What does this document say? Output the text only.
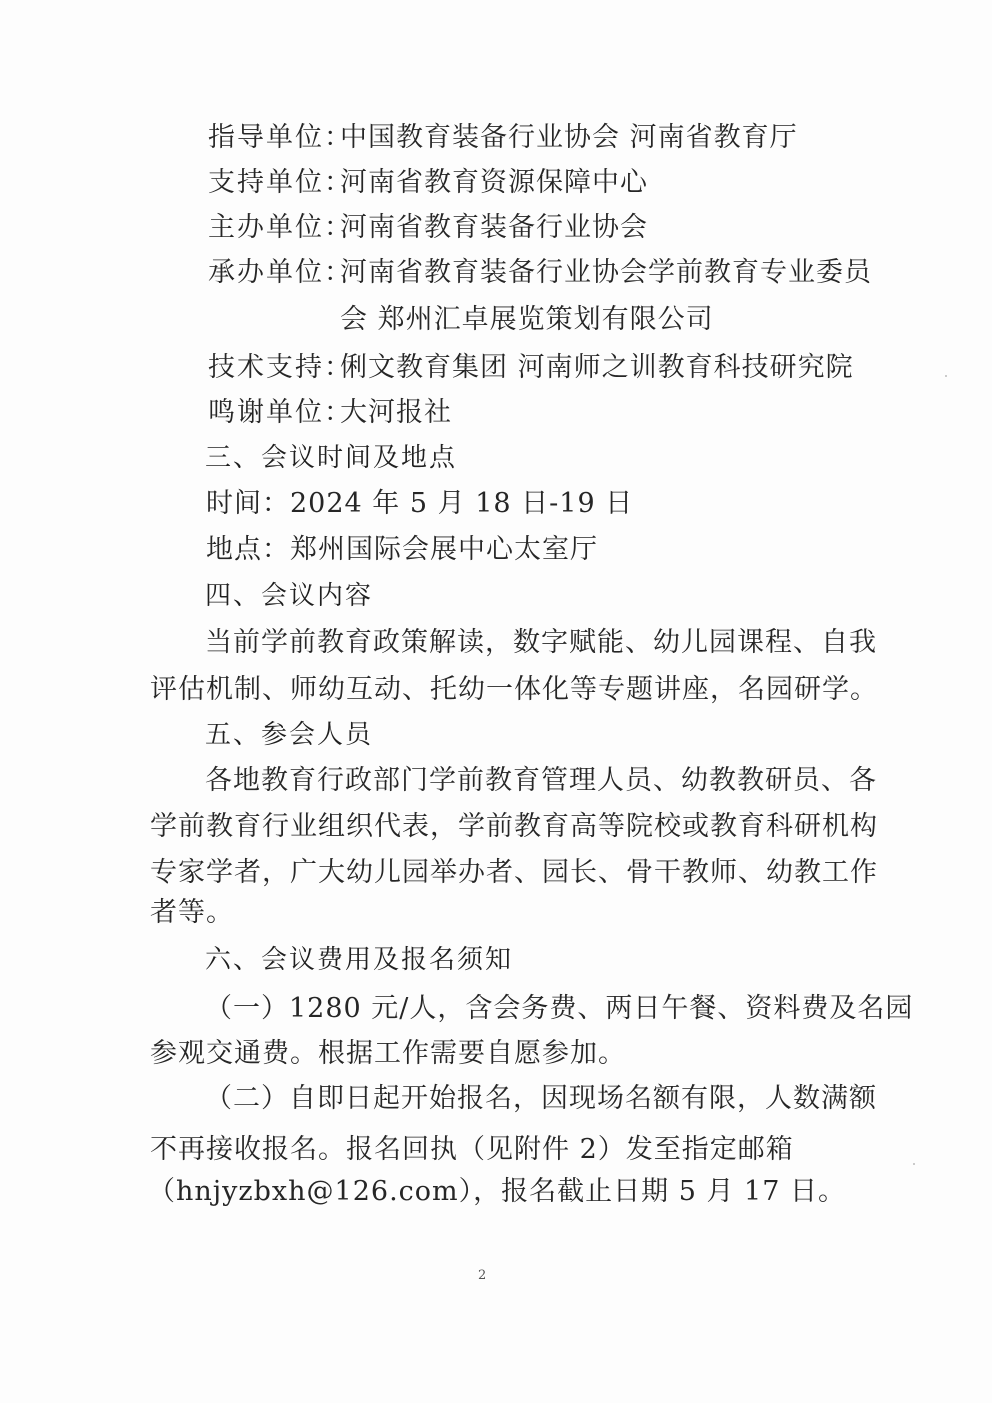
指导单位：
中国教育装备行业协会 河南省教育厅
支持单位：
河南省教育资源保障中心
主办单位：
河南省教育装备行业协会
承办单位：
河南省教育装备行业协会学前教育专业委员
会 郑州汇卓展览策划有限公司
技术支持：
俐文教育集团 河南师之训教育科技研究院
鸣谢单位：
大河报社
三、会议时间及地点
时间：2024 年 5 月 18 日-19 日
地点：郑州国际会展中心太室厅
四、会议内容
当前学前教育政策解读，数字赋能、幼儿园课程、自我
评估机制、师幼互动、托幼一体化等专题讲座，名园研学。
五、参会人员
各地教育行政部门学前教育管理人员、幼教教研员、各
学前教育行业组织代表，学前教育高等院校或教育科研机构
专家学者，广大幼儿园举办者、园长、骨干教师、幼教工作
者等。
六、会议费用及报名须知
（一）1280 元/人，含会务费、两日午餐、资料费及名园
参观交通费。根据工作需要自愿参加。
（二）自即日起开始报名，因现场名额有限，人数满额
不再接收报名。报名回执（见附件 2）发至指定邮箱
（hnjyzbxh@126.com），报名截止日期 5 月 17 日。
2
